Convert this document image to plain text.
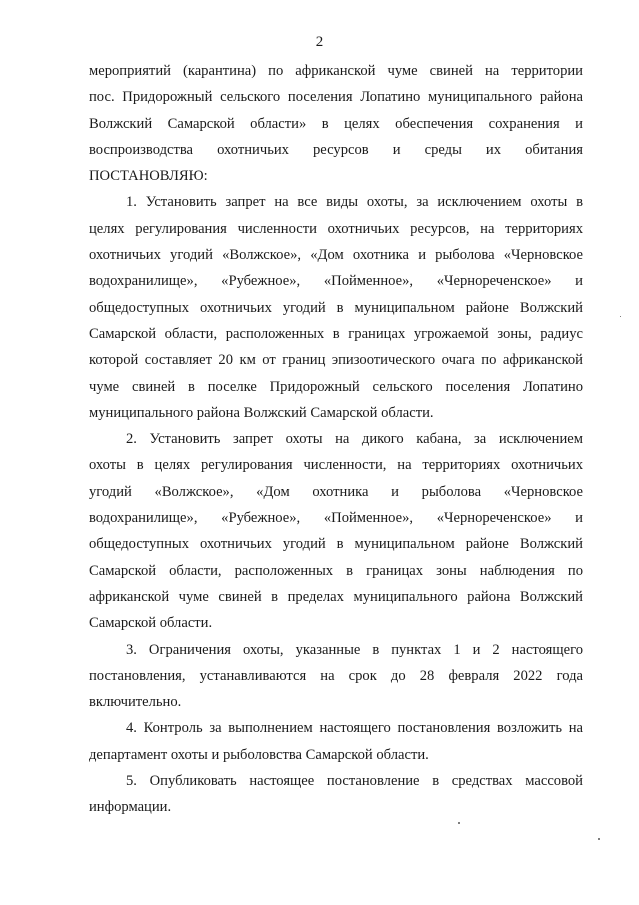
2
мероприятий (карантина) по африканской чуме свиней на территории
пос. Придорожный сельского поселения Лопатино муниципального района
Волжский Самарской области» в целях обеспечения сохранения и
воспроизводства охотничьих ресурсов и среды их обитания
ПОСТАНОВЛЯЮ:
1. Установить запрет на все виды охоты, за исключением охоты в
целях регулирования численности охотничьих ресурсов, на территориях
охотничьих угодий «Волжское», «Дом охотника и рыболова «Черновское
водохранилище», «Рубежное», «Пойменное», «Чернореченское» и
общедоступных охотничьих угодий в муниципальном районе Волжский
Самарской области, расположенных в границах угрожаемой зоны, радиус
которой составляет 20 км от границ эпизоотического очага по африканской
чуме свиней в поселке Придорожный сельского поселения Лопатино
муниципального района Волжский Самарской области.
2. Установить запрет охоты на дикого кабана, за исключением
охоты в целях регулирования численности, на территориях охотничьих
угодий «Волжское», «Дом охотника и рыболова «Черновское
водохранилище», «Рубежное», «Пойменное», «Чернореченское» и
общедоступных охотничьих угодий в муниципальном районе Волжский
Самарской области, расположенных в границах зоны наблюдения по
африканской чуме свиней в пределах муниципального района Волжский
Самарской области.
3. Ограничения охоты, указанные в пунктах 1 и 2 настоящего
постановления, устанавливаются на срок до 28 февраля 2022 года
включительно.
4. Контроль за выполнением настоящего постановления возложить на
департамент охоты и рыболовства Самарской области.
5. Опубликовать настоящее постановление в средствах массовой
информации.
